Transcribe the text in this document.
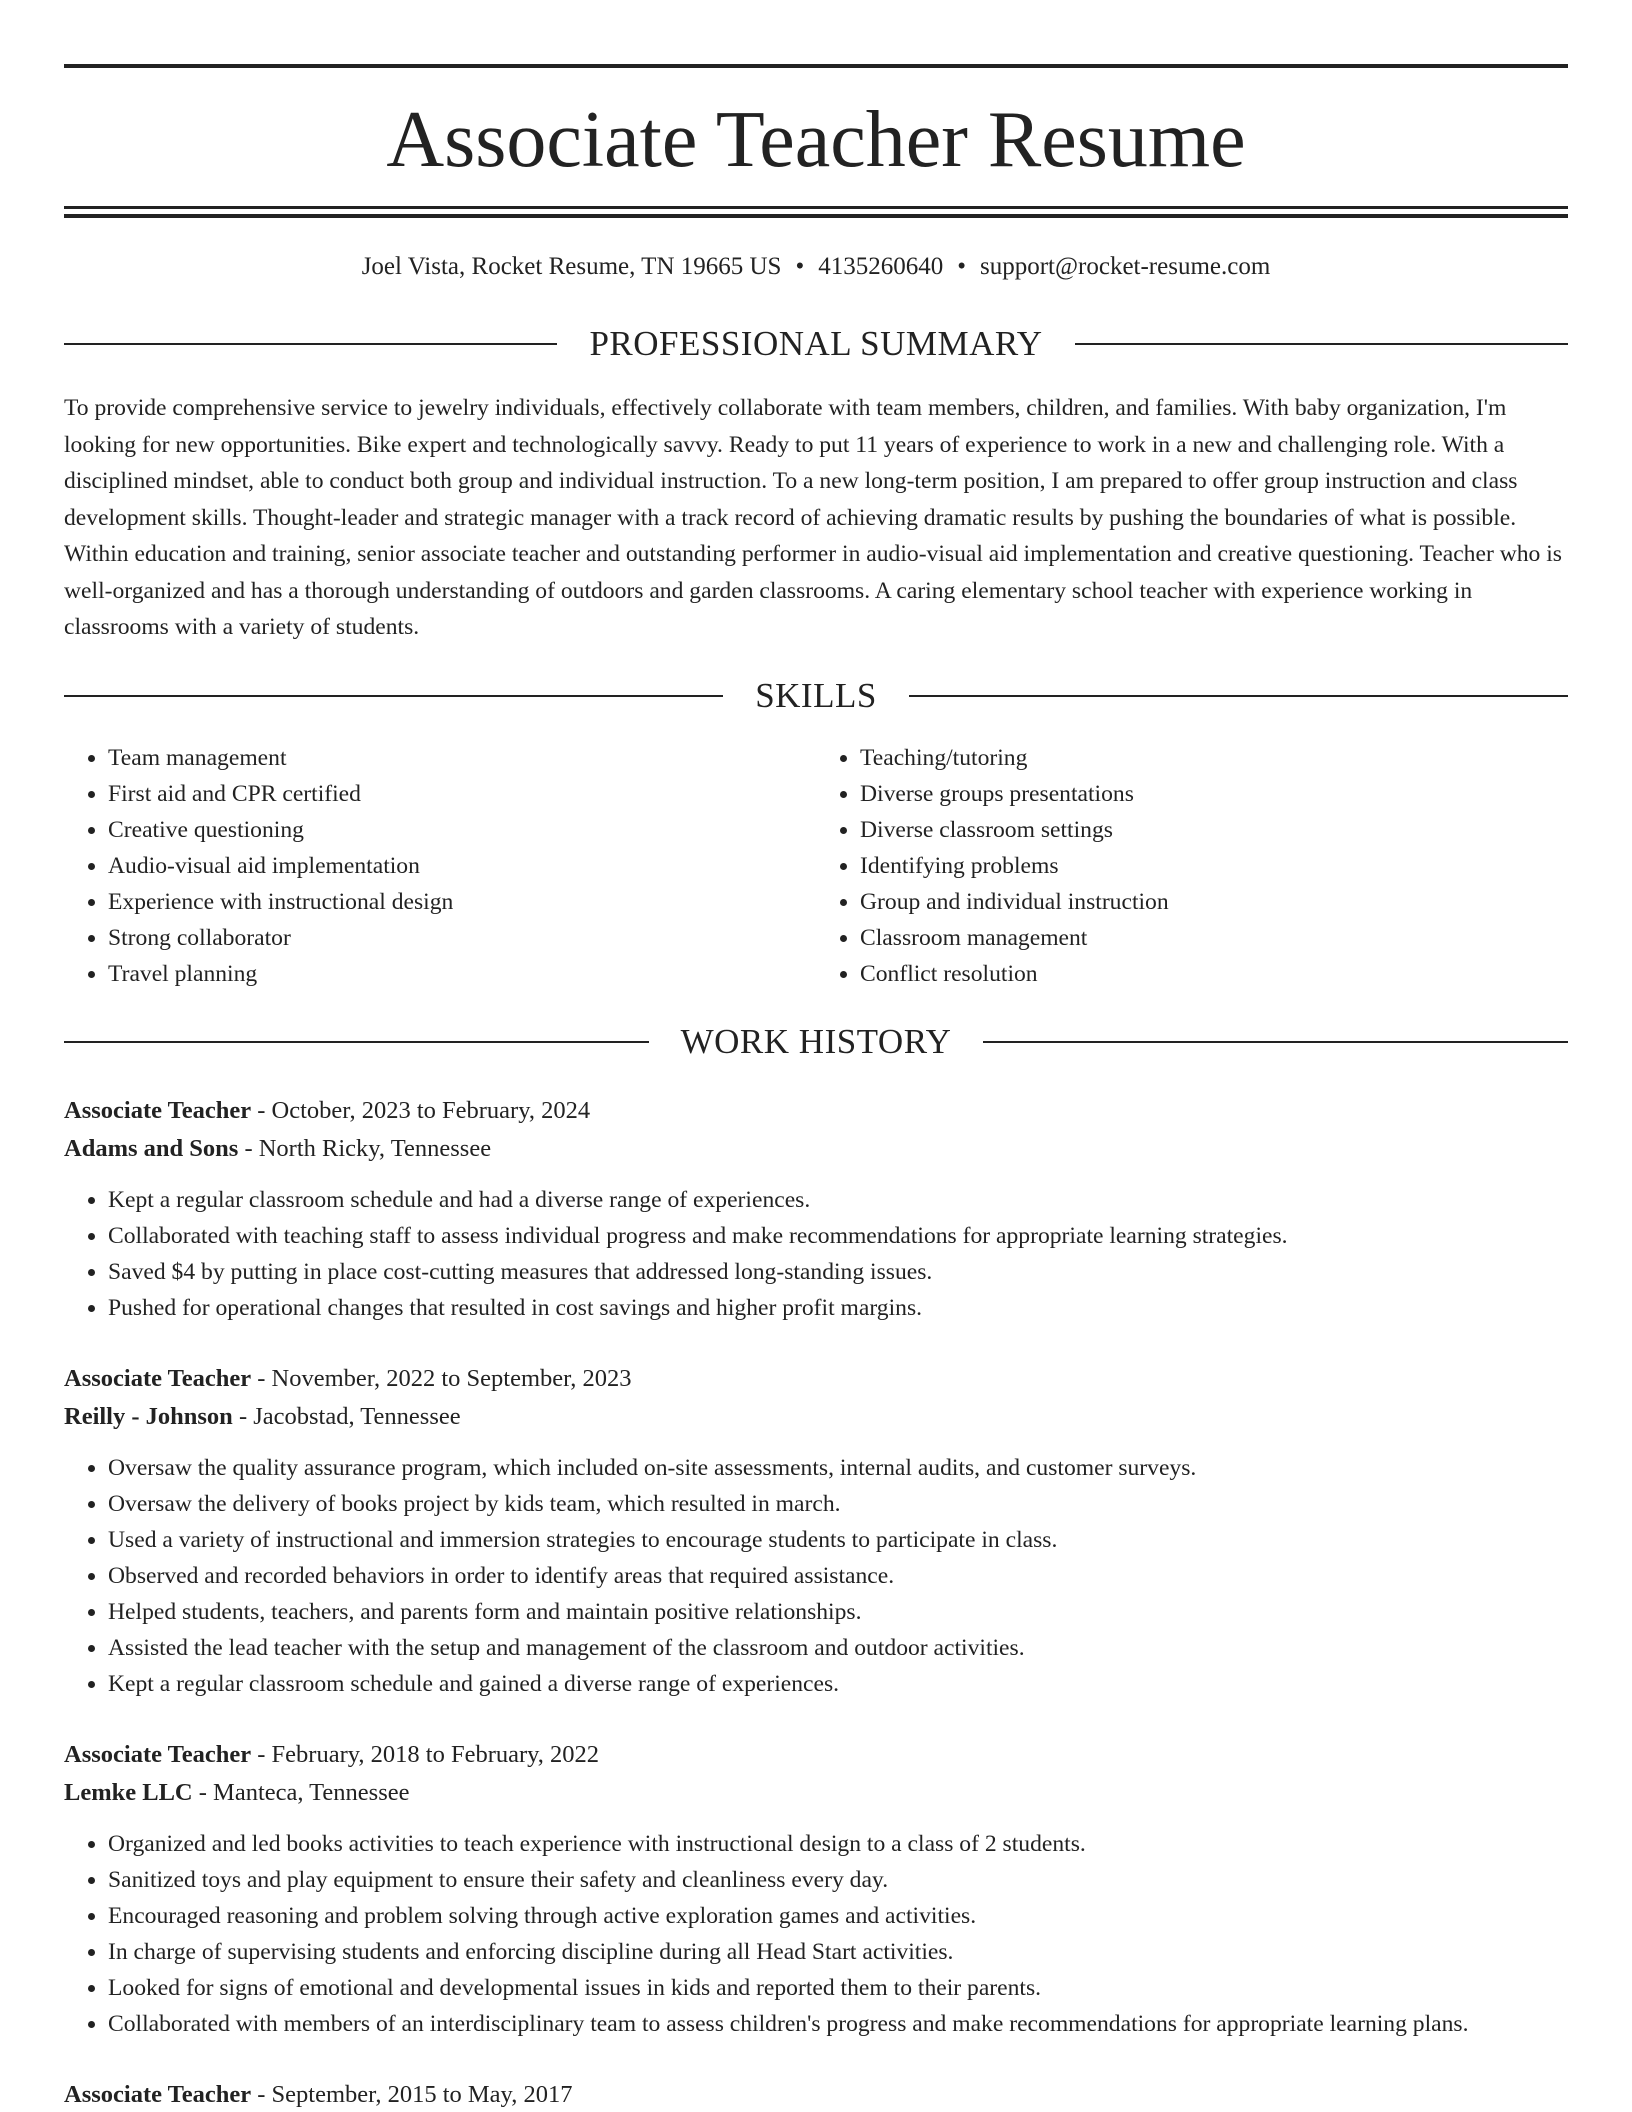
Associate Teacher Resume
Joel Vista, Rocket Resume, TN 19665 US • 4135260640 • support@rocket-resume.com
PROFESSIONAL SUMMARY

To provide comprehensive service to jewelry individuals, effectively collaborate with team members, children, and families. With baby organization, I'm looking for new opportunities. Bike expert and technologically savvy. Ready to put 11 years of experience to work in a new and challenging role. With a disciplined mindset, able to conduct both group and individual instruction. To a new long-term position, I am prepared to offer group instruction and class development skills. Thought-leader and strategic manager with a track record of achieving dramatic results by pushing the boundaries of what is possible. Within education and training, senior associate teacher and outstanding performer in audio-visual aid implementation and creative questioning. Teacher who is well-organized and has a thorough understanding of outdoors and garden classrooms. A caring elementary school teacher with experience working in classrooms with a variety of students.

SKILLS
• Team management
• First aid and CPR certified
• Creative questioning
• Audio-visual aid implementation
• Experience with instructional design
• Strong collaborator
• Travel planning
• Teaching/tutoring
• Diverse groups presentations
• Diverse classroom settings
• Identifying problems
• Group and individual instruction
• Classroom management
• Conflict resolution
WORK HISTORY
Associate Teacher - October, 2023 to February, 2024
Adams and Sons - North Ricky, Tennessee
• Kept a regular classroom schedule and had a diverse range of experiences.
• Collaborated with teaching staff to assess individual progress and make recommendations for appropriate learning strategies.
• Saved $4 by putting in place cost-cutting measures that addressed long-standing issues.
• Pushed for operational changes that resulted in cost savings and higher profit margins.
Associate Teacher - November, 2022 to September, 2023
Reilly - Johnson - Jacobstad, Tennessee
• Oversaw the quality assurance program, which included on-site assessments, internal audits, and customer surveys.
• Oversaw the delivery of books project by kids team, which resulted in march.
• Used a variety of instructional and immersion strategies to encourage students to participate in class.
• Observed and recorded behaviors in order to identify areas that required assistance.
• Helped students, teachers, and parents form and maintain positive relationships.
• Assisted the lead teacher with the setup and management of the classroom and outdoor activities.
• Kept a regular classroom schedule and gained a diverse range of experiences.
Associate Teacher - February, 2018 to February, 2022
Lemke LLC - Manteca, Tennessee
• Organized and led books activities to teach experience with instructional design to a class of 2 students.
• Sanitized toys and play equipment to ensure their safety and cleanliness every day.
• Encouraged reasoning and problem solving through active exploration games and activities.
• In charge of supervising students and enforcing discipline during all Head Start activities.
• Looked for signs of emotional and developmental issues in kids and reported them to their parents.
• Collaborated with members of an interdisciplinary team to assess children's progress and make recommendations for appropriate learning plans.
Associate Teacher - September, 2015 to May, 2017
